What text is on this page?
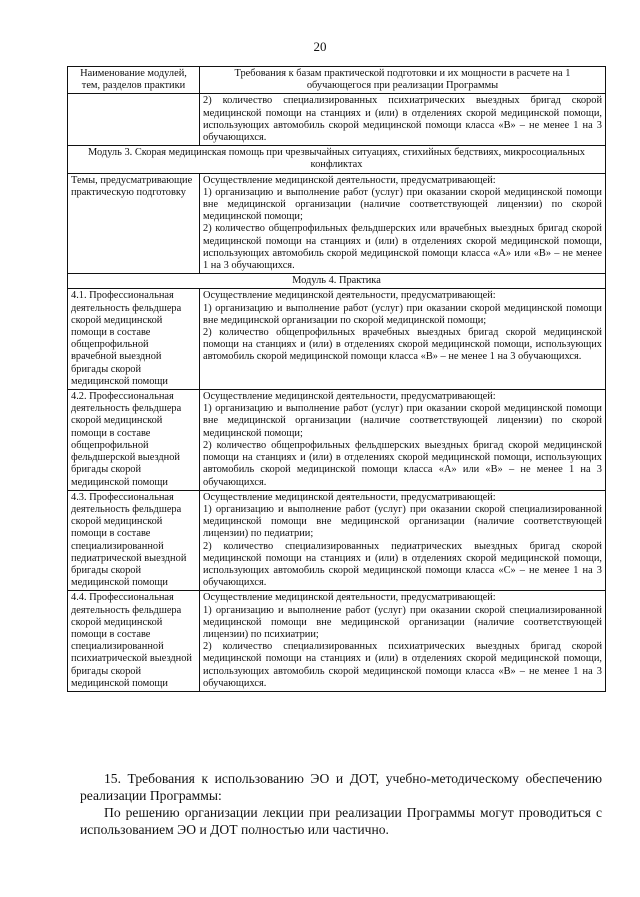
20
Наименование модулей, тем, разделов практики	Требования к базам практической подготовки и их мощности в расчете на 1 обучающегося при реализации Программы
	2) количество специализированных психиатрических выездных бригад скорой медицинской помощи на станциях и (или) в отделениях скорой медицинской помощи, использующих автомобиль скорой медицинской помощи класса «В» – не менее 1 на 3 обучающихся.
Модуль 3. Скорая медицинская помощь при чрезвычайных ситуациях, стихийных бедствиях, микросоциальных конфликтах	
Темы, предусматривающие практическую подготовку	Осуществление медицинской деятельности, предусматривающей:

1) организацию и выполнение работ (услуг) при оказании скорой медицинской помощи вне медицинской организации (наличие соответствующей лицензии) по скорой медицинской помощи;

2) количество общепрофильных фельдшерских или врачебных выездных бригад скорой медицинской помощи на станциях и (или) в отделениях скорой медицинской помощи, использующих автомобиль скорой медицинской помощи класса «А» или «В» – не менее 1 на 3 обучающихся.

Модуль 4. Практика	
4.1. Профессиональная деятельность фельдшера скорой медицинской помощи в составе общепрофильной врачебной выездной бригады скорой медицинской помощи	Осуществление медицинской деятельности, предусматривающей:

1) организацию и выполнение работ (услуг) при оказании скорой медицинской помощи вне медицинской организации по скорой медицинской помощи;

2) количество общепрофильных врачебных выездных бригад скорой медицинской помощи на станциях и (или) в отделениях скорой медицинской помощи, использующих автомобиль скорой медицинской помощи класса «В» – не менее 1 на 3 обучающихся.

4.2. Профессиональная деятельность фельдшера скорой медицинской помощи в составе общепрофильной фельдшерской выездной бригады скорой медицинской помощи	Осуществление медицинской деятельности, предусматривающей:

1) организацию и выполнение работ (услуг) при оказании скорой медицинской помощи вне медицинской организации (наличие соответствующей лицензии) по скорой медицинской помощи;

2) количество общепрофильных фельдшерских выездных бригад скорой медицинской помощи на станциях и (или) в отделениях скорой медицинской помощи, использующих автомобиль скорой медицинской помощи класса «А» или «В» – не менее 1 на 3 обучающихся.

4.3. Профессиональная деятельность фельдшера скорой медицинской помощи в составе специализированной педиатрической выездной бригады скорой медицинской помощи	Осуществление медицинской деятельности, предусматривающей:

1) организацию и выполнение работ (услуг) при оказании скорой специализированной медицинской помощи вне медицинской организации (наличие соответствующей лицензии) по педиатрии;

2) количество специализированных педиатрических выездных бригад скорой медицинской помощи на станциях и (или) в отделениях скорой медицинской помощи, использующих автомобиль скорой медицинской помощи класса «С» – не менее 1 на 3 обучающихся.

4.4. Профессиональная деятельность фельдшера скорой медицинской помощи в составе специализированной психиатрической выездной бригады скорой медицинской помощи	Осуществление медицинской деятельности, предусматривающей:

1) организацию и выполнение работ (услуг) при оказании скорой специализированной медицинской помощи вне медицинской организации (наличие соответствующей лицензии) по психиатрии;

2) количество специализированных психиатрических выездных бригад скорой медицинской помощи на станциях и (или) в отделениях скорой медицинской помощи, использующих автомобиль скорой медицинской помощи класса «В» – не менее 1 на 3 обучающихся.

15. Требования к использованию ЭО и ДОТ, учебно-методическому обеспечению реализации Программы:

По решению организации лекции при реализации Программы могут проводиться с использованием ЭО и ДОТ полностью или частично.
